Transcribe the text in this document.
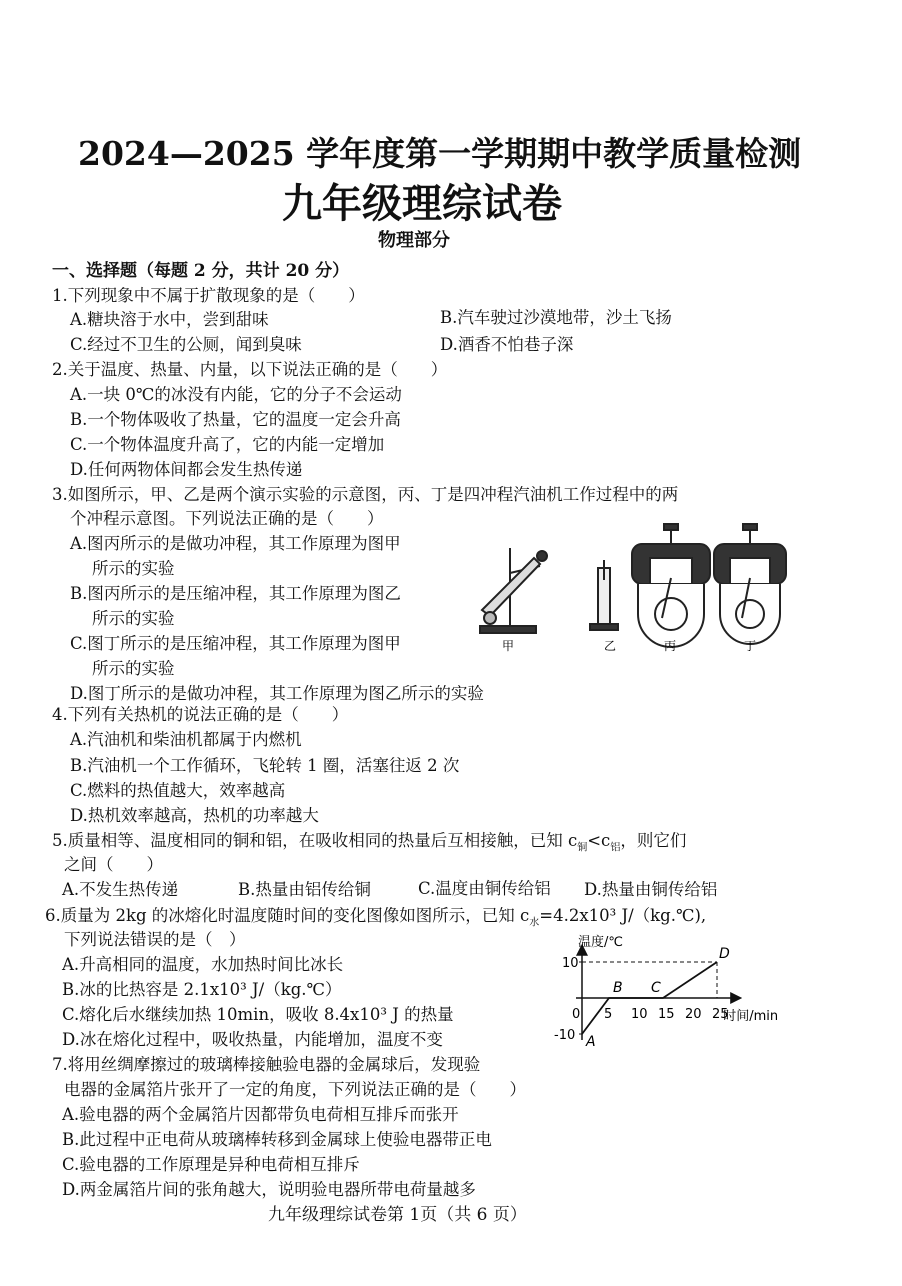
2024—2025 学年度第一学期期中教学质量检测
九年级理综试卷
物理部分
一、选择题（每题 2 分，共计 20 分）
1.下列现象中不属于扩散现象的是（　　）
A.糖块溶于水中，尝到甜味	B.汽车驶过沙漠地带，沙土飞扬
C.经过不卫生的公厕，闻到臭味	D.酒香不怕巷子深
2.关于温度、热量、内量，以下说法正确的是（　　）
A.一块 0℃的冰没有内能，它的分子不会运动
B.一个物体吸收了热量，它的温度一定会升高
C.一个物体温度升高了，它的内能一定增加
D.任何两物体间都会发生热传递
3.如图所示，甲、乙是两个演示实验的示意图，丙、丁是四冲程汽油机工作过程中的两
个冲程示意图。下列说法正确的是（　　）
A.图丙所示的是做功冲程，其工作原理为图甲
所示的实验
B.图丙所示的是压缩冲程，其工作原理为图乙
所示的实验
C.图丁所示的是压缩冲程，其工作原理为图甲
所示的实验
D.图丁所示的是做功冲程，其工作原理为图乙所示的实验
甲	乙	丙	丁
4.下列有关热机的说法正确的是（　　）
A.汽油机和柴油机都属于内燃机
B.汽油机一个工作循环，飞轮转 1 圈，活塞往返 2 次
C.燃料的热值越大，效率越高
D.热机效率越高，热机的功率越大
5.质量相等、温度相同的铜和铝，在吸收相同的热量后互相接触，已知 $c_铜<c_铝$，则它们
之间（　　）
A.不发生热传递	B.热量由铝传给铜	C.温度由铜传给铝 D.热量由铜传给铝
6.质量为 2kg 的冰熔化时温度随时间的变化图像如图所示，已知 $c_水=4.2x10^3$ J/（kg.℃),
下列说法错误的是（　）
A.升高相同的温度，水加热时间比冰长
B.冰的比热容是 2.1x10³ J/（kg.℃）
C.熔化后水继续加热 10min，吸收 8.4x10³ J 的热量
D.冰在熔化过程中，吸收热量，内能增加，温度不变
0 5 10 15 20 25
-10
10
A
B C
D
温度/℃
时间/min
7.将用丝绸摩擦过的玻璃棒接触验电器的金属球后，发现验
电器的金属箔片张开了一定的角度，下列说法正确的是（　　）
A.验电器的两个金属箔片因都带负电荷相互排斥而张开
B.此过程中正电荷从玻璃棒转移到金属球上使验电器带正电
C.验电器的工作原理是异种电荷相互排斥
D.两金属箔片间的张角越大，说明验电器所带电荷量越多
九年级理综试卷第 1页（共 6 页）
